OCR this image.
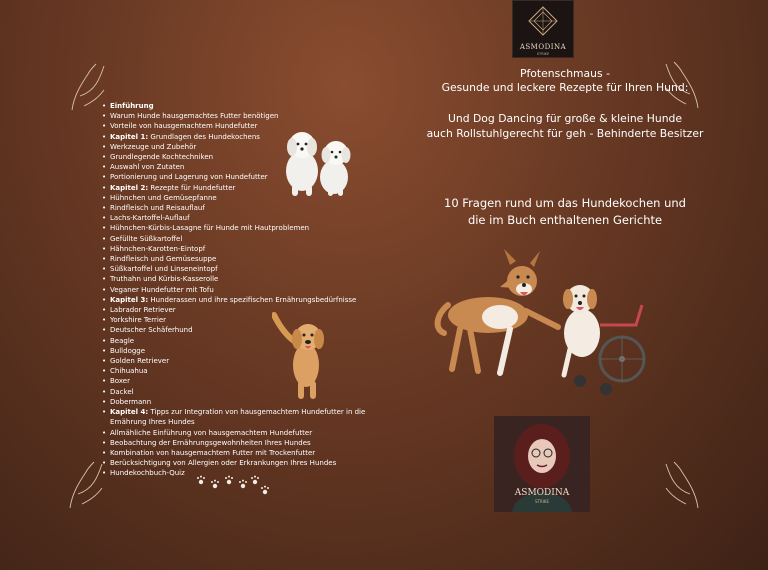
ASMODINA
STRIKE
• Einführung
• Warum Hunde hausgemachtes Futter benötigen
• Vorteile von hausgemachtem Hundefutter
• Kapitel 1: Grundlagen des Hundekochens
• Werkzeuge und Zubehör
• Grundlegende Kochtechniken
• Auswahl von Zutaten
• Portionierung und Lagerung von Hundefutter
• Kapitel 2: Rezepte für Hundefutter
• Hühnchen und Gemüsepfanne
• Rindfleisch und Reisauflauf
• Lachs-Kartoffel-Auflauf
• Hühnchen-Kürbis-Lasagne für Hunde mit Hautproblemen
• Gefüllte Süßkartoffel
• Hähnchen-Karotten-Eintopf
• Rindfleisch und Gemüsesuppe
• Süßkartoffel und Linseneintopf
• Truthahn und Kürbis-Kasserolle
• Veganer Hundefutter mit Tofu
• Kapitel 3: Hunderassen und ihre spezifischen Ernährungsbedürfnisse
• Labrador Retriever
• Yorkshire Terrier
• Deutscher Schäferhund
• Beagle
• Bulldogge
• Golden Retriever
• Chihuahua
• Boxer
• Dackel
• Dobermann
• Kapitel 4: Tipps zur Integration von hausgemachtem Hundefutter in die Ernährung Ihres Hundes
• Allmähliche Einführung von hausgemachtem Hundefutter
• Beobachtung der Ernährungsgewohnheiten Ihres Hundes
• Kombination von hausgemachtem Futter mit Trockenfutter
• Berücksichtigung von Allergien oder Erkrankungen Ihres Hundes
• Hundekochbuch-Quiz
Pfotenschmaus -
Gesunde und leckere Rezepte für Ihren Hund:
Und Dog Dancing für große & kleine Hunde
auch Rollstuhlgerecht für geh - Behinderte Besitzer
10 Fragen rund um das Hundekochen und
die im Buch enthaltenen Gerichte
ASMODINA
STRIKE
